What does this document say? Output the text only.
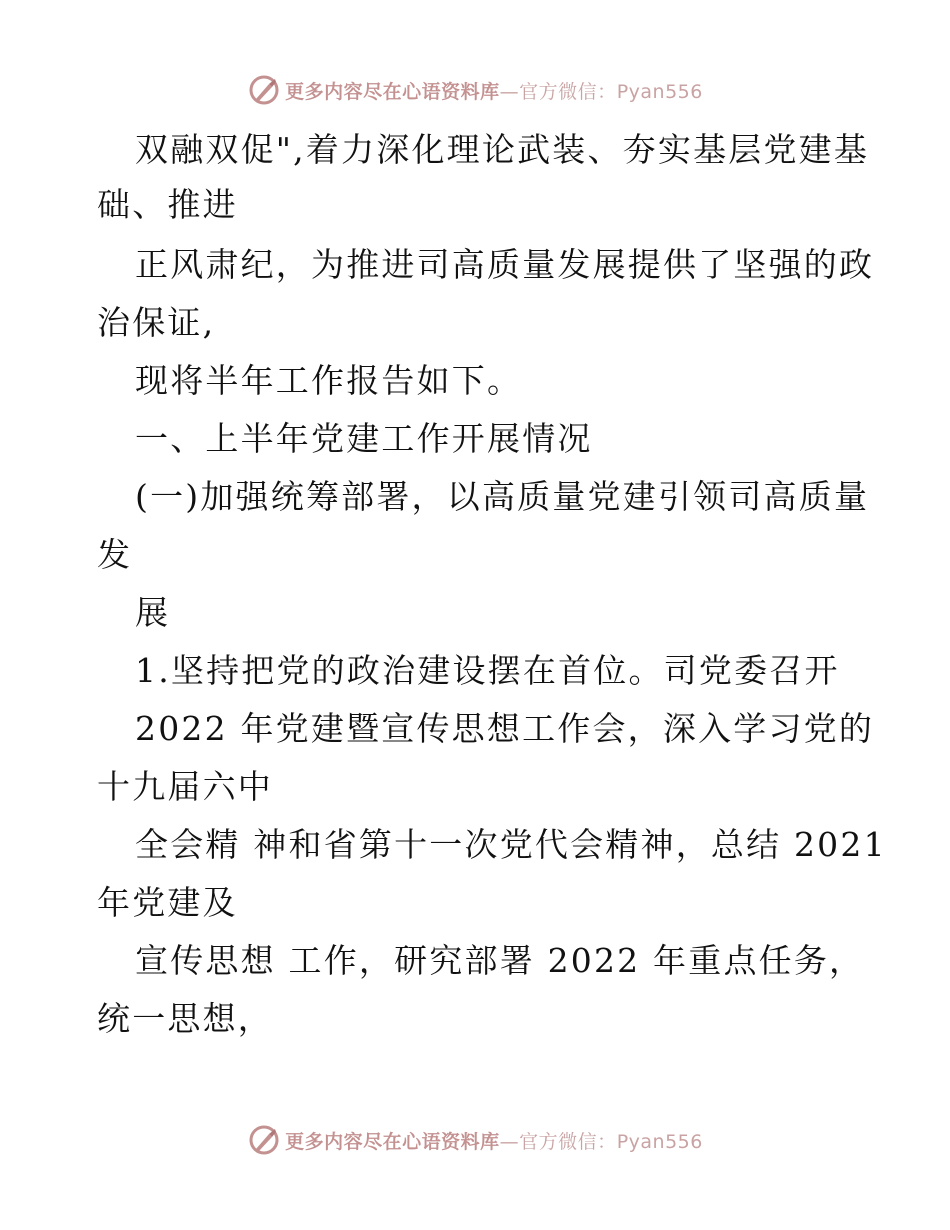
更多内容尽在心语资料库—官方微信：Pyan556
双融双促",着力深化理论武装、夯实基层党建基
础、推进
正风肃纪，为推进司高质量发展提供了坚强的政
治保证,
现将半年工作报告如下。
一、上半年党建工作开展情况
(一)加强统筹部署，以高质量党建引领司高质量
发
展
1.坚持把党的政治建设摆在首位。司党委召开
2022 年党建暨宣传思想工作会，深入学习党的
十九届六中
全会精 神和省第十一次党代会精神，总结 2021
年党建及
宣传思想 工作，研究部署 2022 年重点任务，
统一思想，
更多内容尽在心语资料库—官方微信：Pyan556
